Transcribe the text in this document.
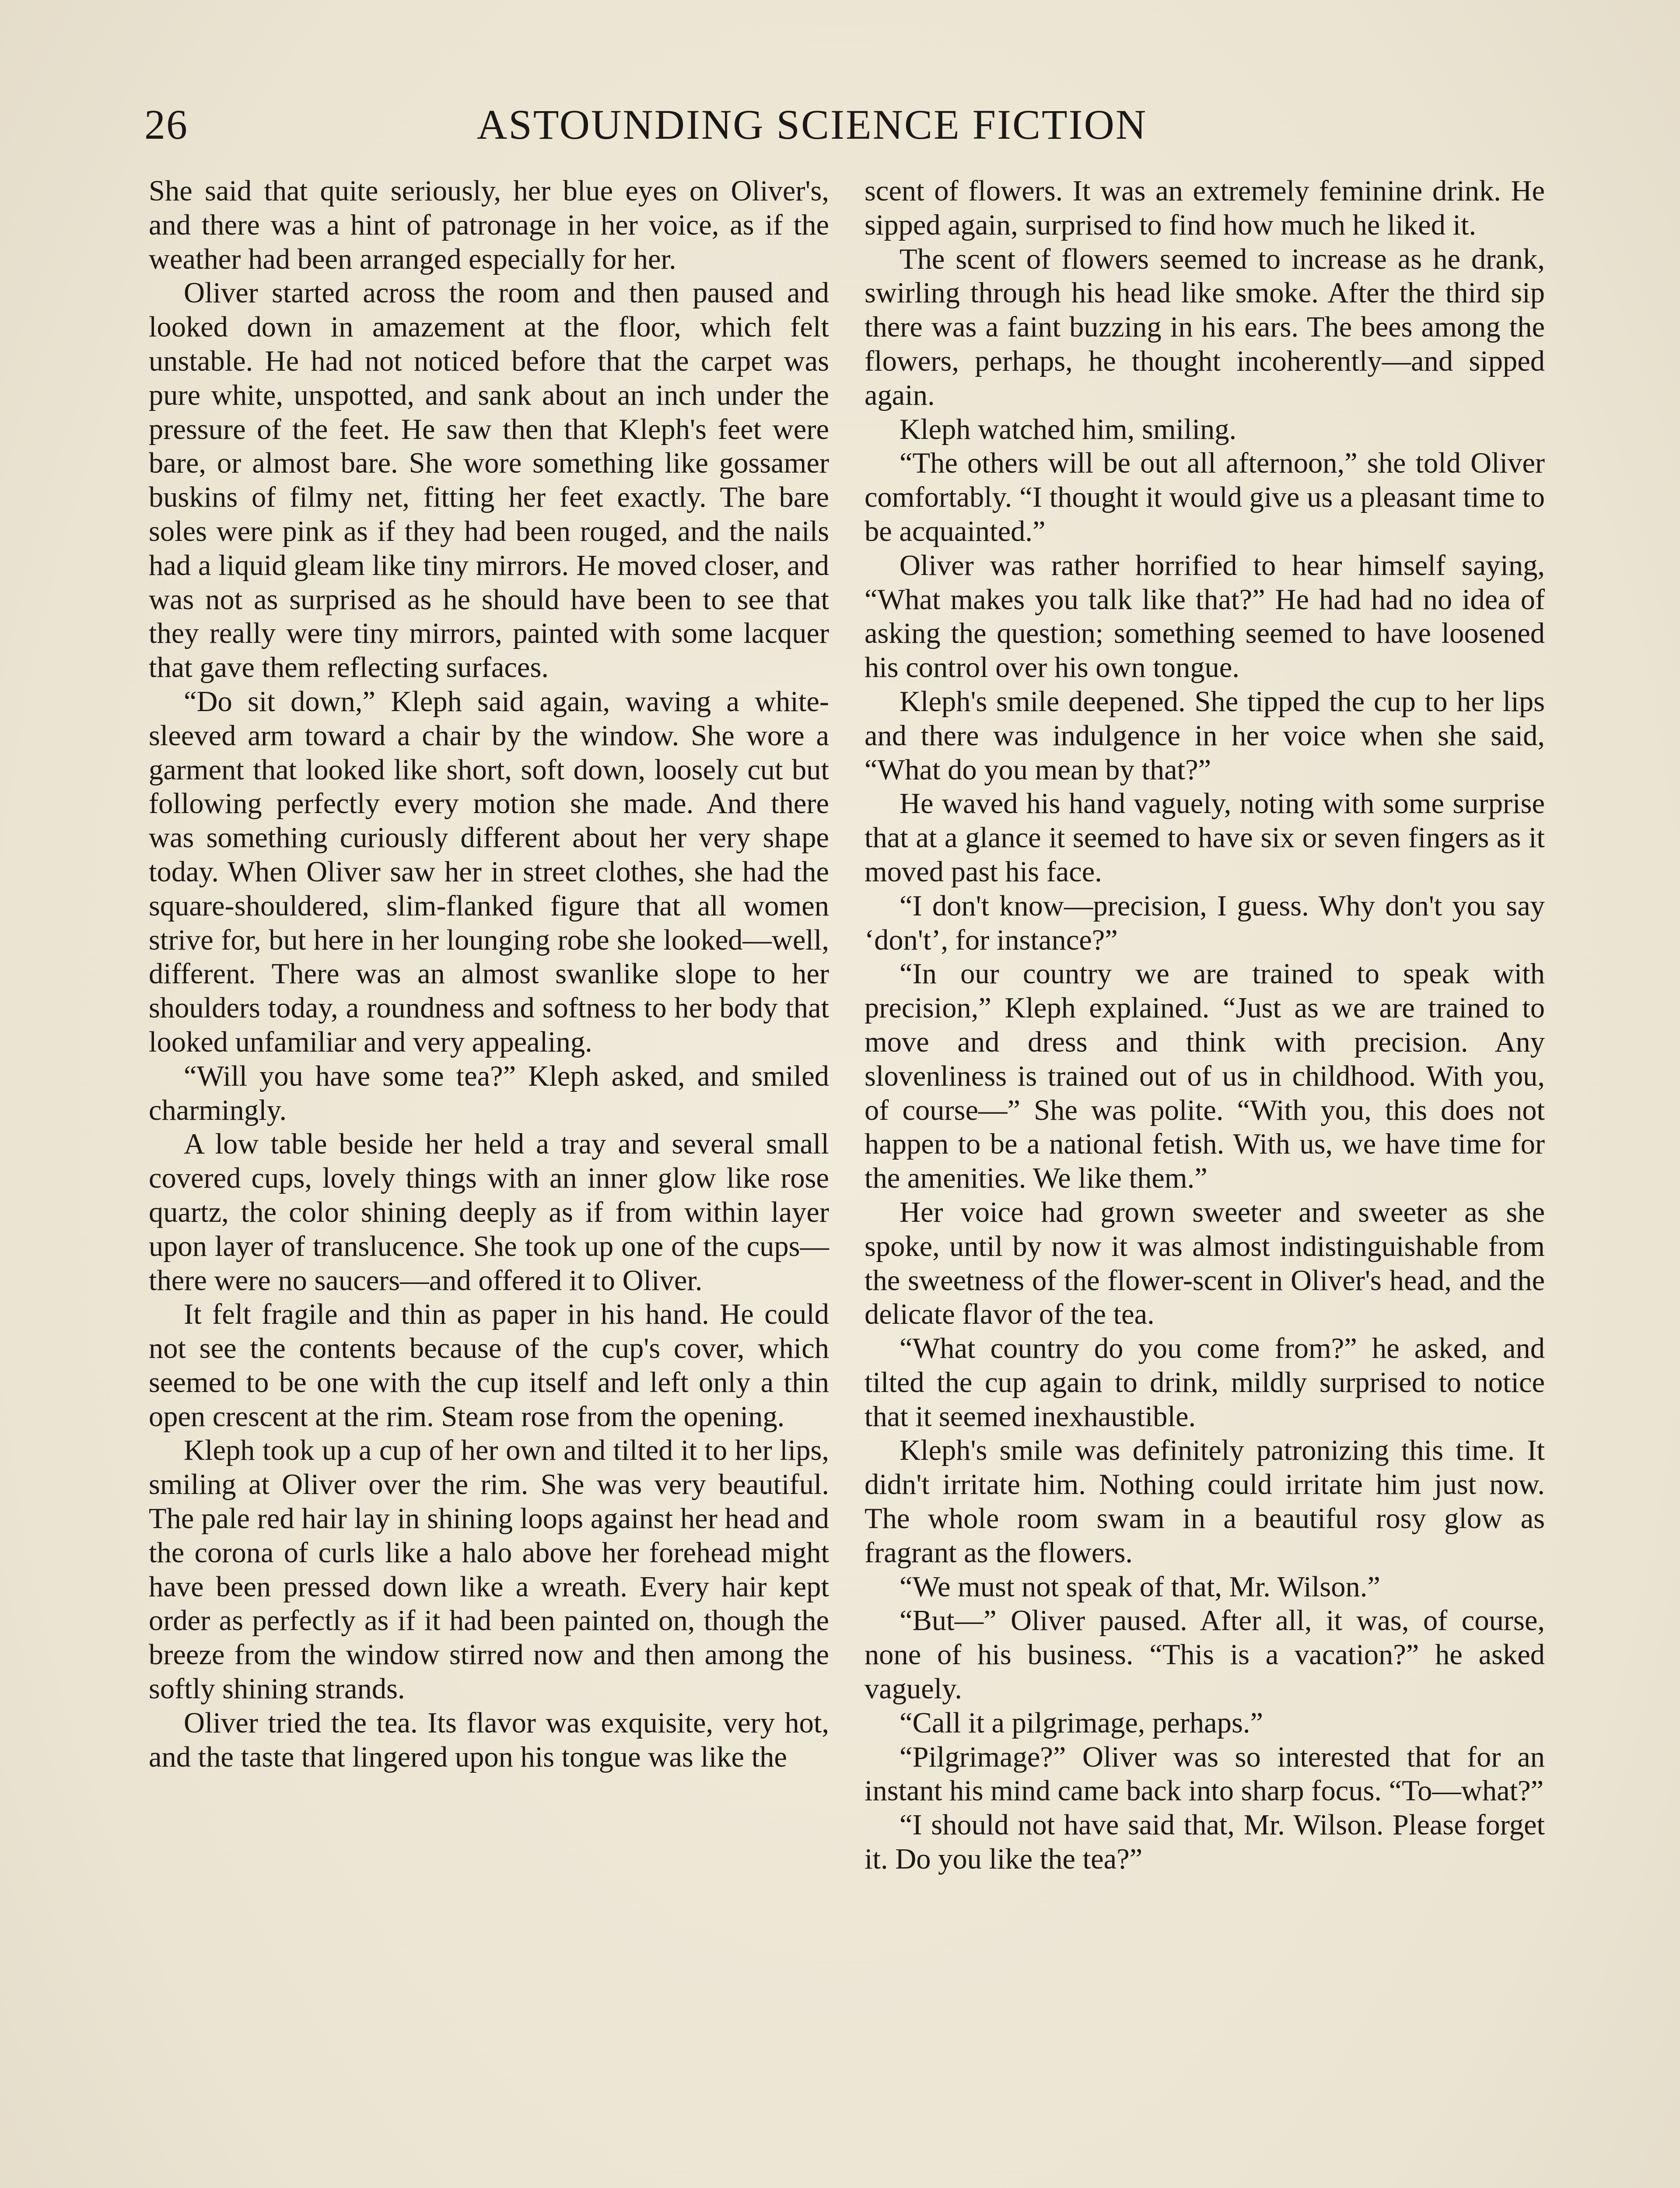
26	ASTOUNDING SCIENCE FICTION

She said that quite seriously, her blue eyes on Oliver's, and there was a hint of patronage in her voice, as if the weather had been arranged especially for her.

Oliver started across the room and then paused and looked down in amazement at the floor, which felt unstable. He had not noticed before that the carpet was pure white, unspotted, and sank about an inch under the pressure of the feet. He saw then that Kleph's feet were bare, or almost bare. She wore something like gossamer buskins of filmy net, fitting her feet exactly. The bare soles were pink as if they had been rouged, and the nails had a liquid gleam like tiny mirrors. He moved closer, and was not as surprised as he should have been to see that they really were tiny mirrors, painted with some lacquer that gave them reflecting surfaces.

“Do sit down,” Kleph said again, waving a white-sleeved arm toward a chair by the window. She wore a garment that looked like short, soft down, loosely cut but following perfectly every motion she made. And there was something curiously different about her very shape today. When Oliver saw her in street clothes, she had the square-shouldered, slim-flanked figure that all women strive for, but here in her lounging robe she looked—well, different. There was an almost swanlike slope to her shoulders today, a roundness and softness to her body that looked unfamiliar and very appealing.

“Will you have some tea?” Kleph asked, and smiled charmingly.

A low table beside her held a tray and several small covered cups, lovely things with an inner glow like rose quartz, the color shining deeply as if from within layer upon layer of translucence. She took up one of the cups—there were no saucers—and offered it to Oliver.

It felt fragile and thin as paper in his hand. He could not see the contents because of the cup's cover, which seemed to be one with the cup itself and left only a thin open crescent at the rim. Steam rose from the opening.

Kleph took up a cup of her own and tilted it to her lips, smiling at Oliver over the rim. She was very beautiful. The pale red hair lay in shining loops against her head and the corona of curls like a halo above her forehead might have been pressed down like a wreath. Every hair kept order as perfectly as if it had been painted on, though the breeze from the window stirred now and then among the softly shining strands.

Oliver tried the tea. Its flavor was exquisite, very hot, and the taste that lingered upon his tongue was like the

scent of flowers. It was an extremely feminine drink. He sipped again, surprised to find how much he liked it.

The scent of flowers seemed to increase as he drank, swirling through his head like smoke. After the third sip there was a faint buzzing in his ears. The bees among the flowers, perhaps, he thought incoherently—and sipped again.

Kleph watched him, smiling.

“The others will be out all afternoon,” she told Oliver comfortably. “I thought it would give us a pleasant time to be acquainted.”

Oliver was rather horrified to hear himself saying, “What makes you talk like that?” He had had no idea of asking the question; something seemed to have loosened his control over his own tongue.

Kleph's smile deepened. She tipped the cup to her lips and there was indulgence in her voice when she said, “What do you mean by that?”

He waved his hand vaguely, noting with some surprise that at a glance it seemed to have six or seven fingers as it moved past his face.

“I don't know—precision, I guess. Why don't you say ‘don't’, for instance?”

“In our country we are trained to speak with precision,” Kleph explained. “Just as we are trained to move and dress and think with precision. Any slovenliness is trained out of us in childhood. With you, of course—” She was polite. “With you, this does not happen to be a national fetish. With us, we have time for the amenities. We like them.”

Her voice had grown sweeter and sweeter as she spoke, until by now it was almost indistinguishable from the sweetness of the flower-scent in Oliver's head, and the delicate flavor of the tea.

“What country do you come from?” he asked, and tilted the cup again to drink, mildly surprised to notice that it seemed inexhaustible.

Kleph's smile was definitely patronizing this time. It didn't irritate him. Nothing could irritate him just now. The whole room swam in a beautiful rosy glow as fragrant as the flowers.

“We must not speak of that, Mr. Wilson.”

“But—” Oliver paused. After all, it was, of course, none of his business. “This is a vacation?” he asked vaguely.

“Call it a pilgrimage, perhaps.”

“Pilgrimage?” Oliver was so interested that for an instant his mind came back into sharp focus. “To—what?”

“I should not have said that, Mr. Wilson. Please forget it. Do you like the tea?”
